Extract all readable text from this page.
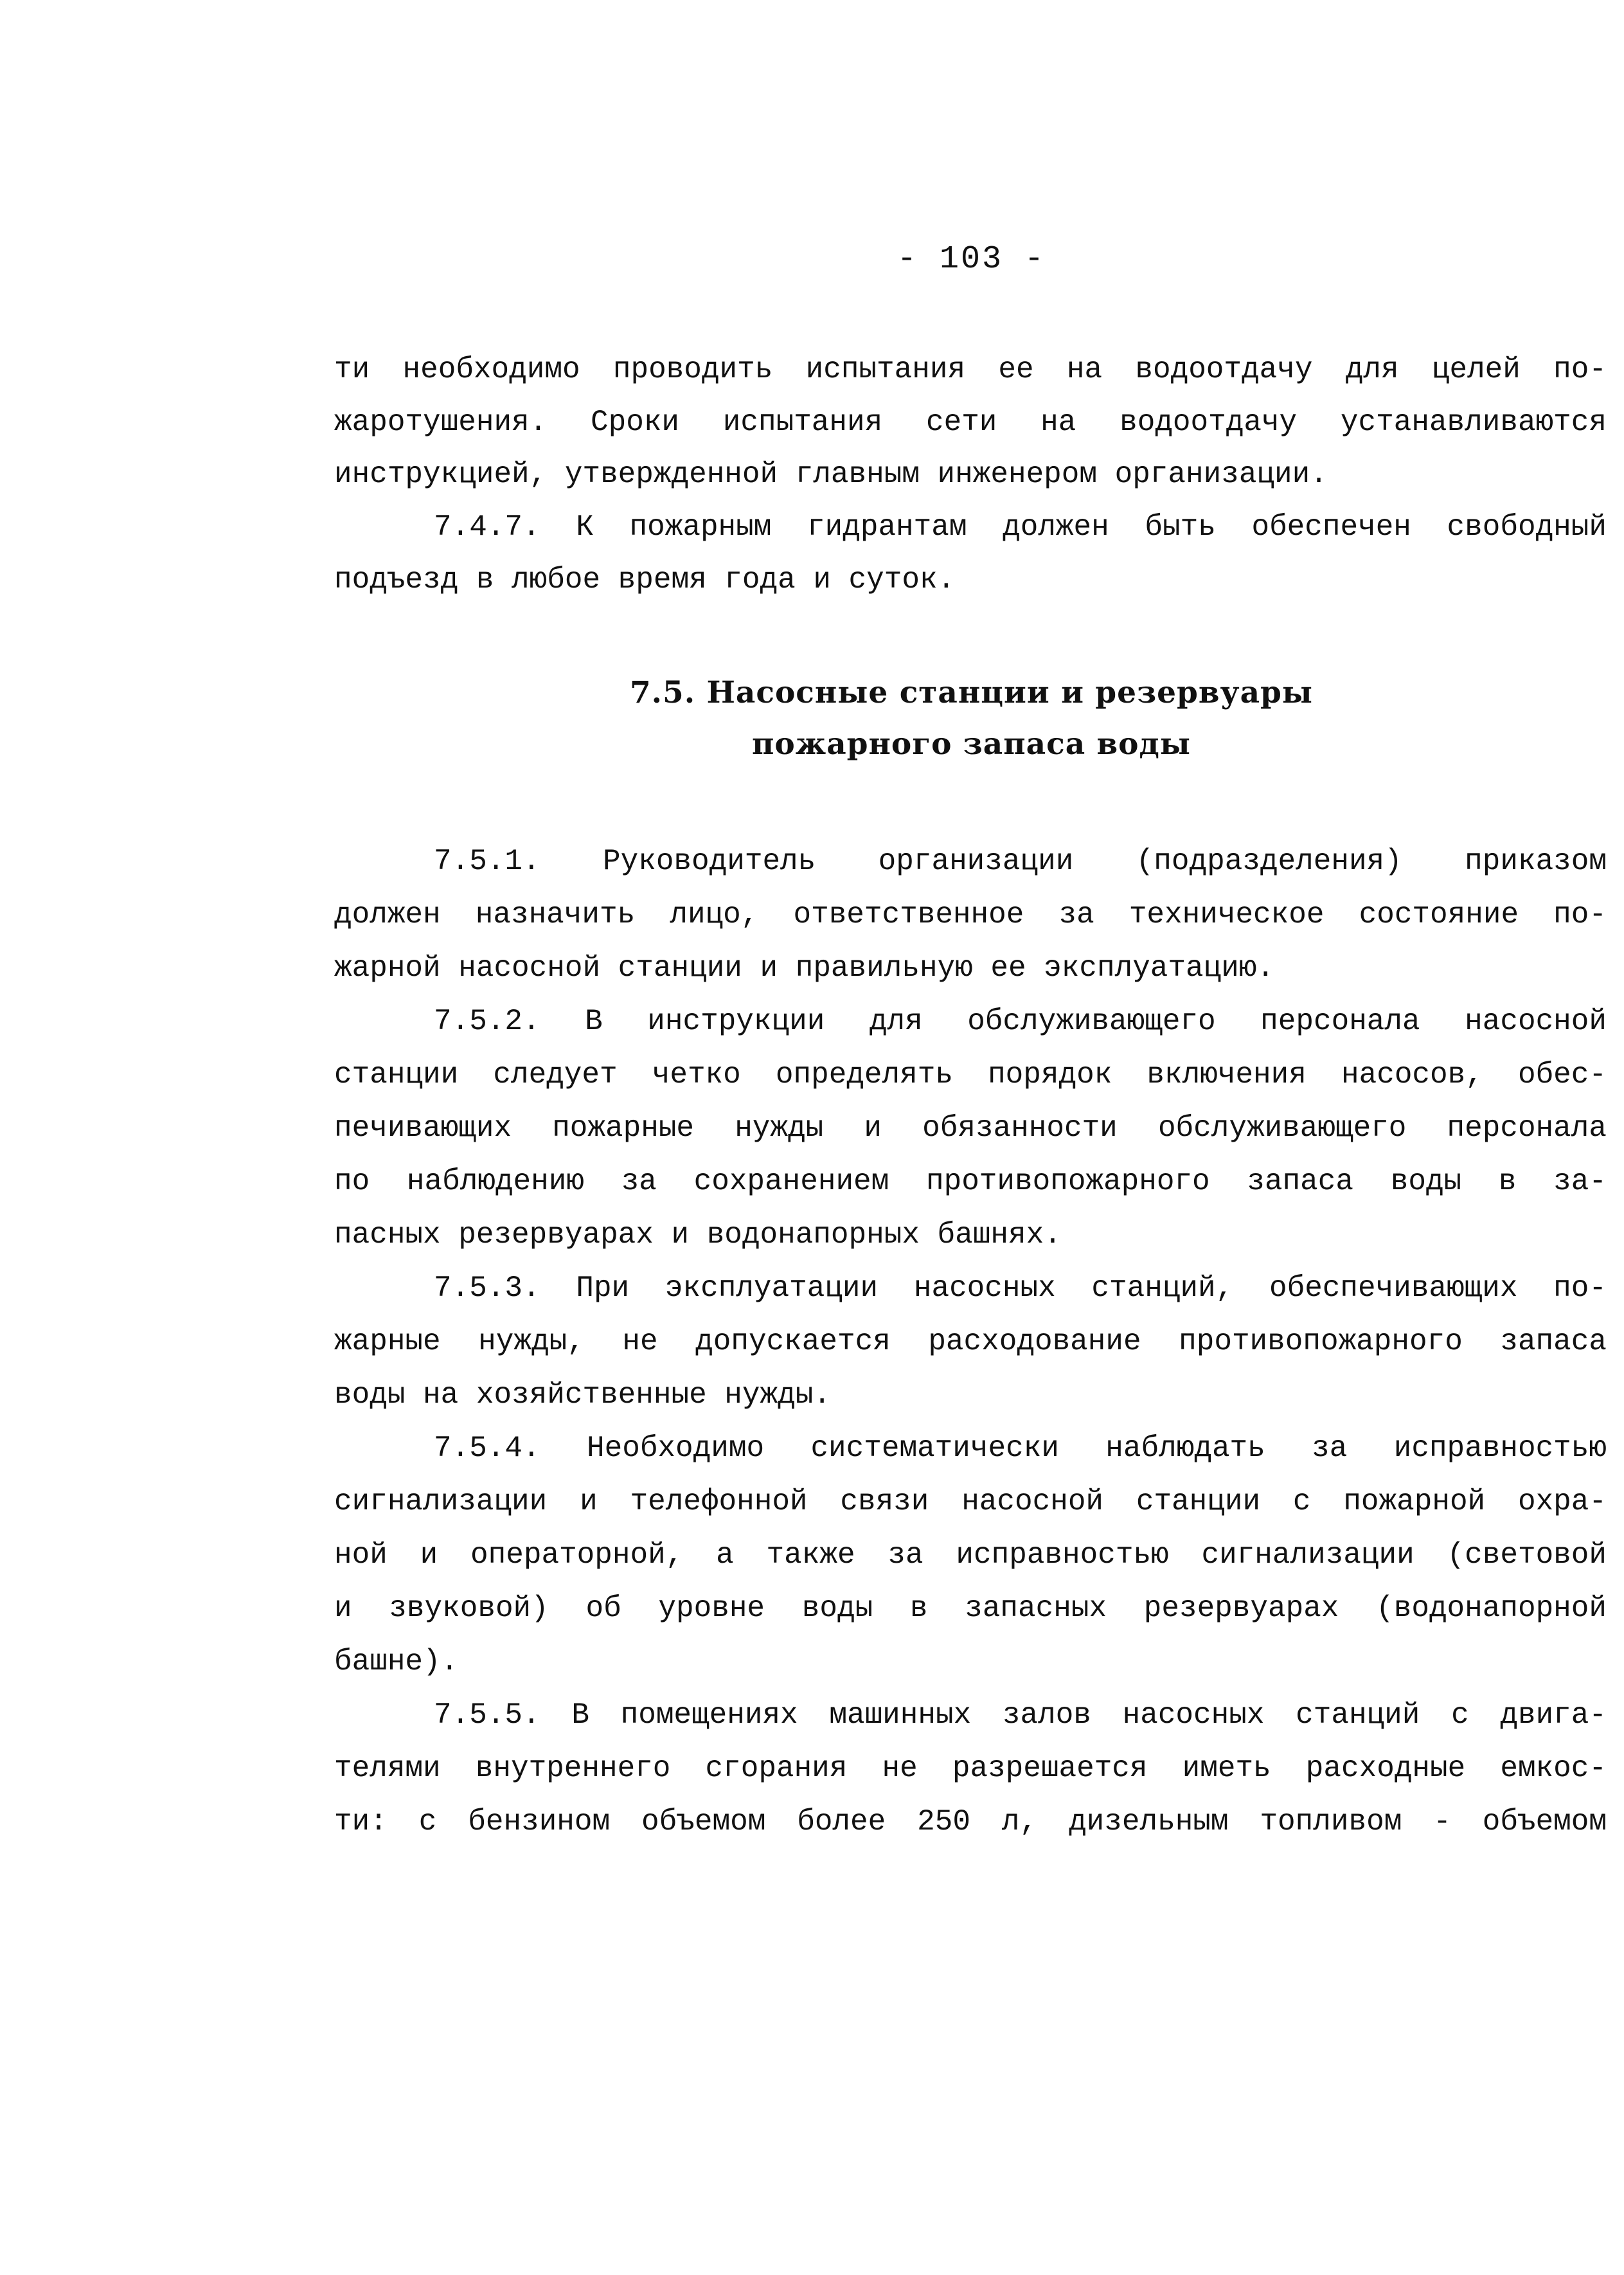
- 103 -
ти необходимо проводить испытания ее на водоотдачу для целей по-
жаротушения. Сроки испытания сети на водоотдачу устанавливаются
инструкцией, утвержденной главным инженером организации.
7.4.7. К пожарным гидрантам должен быть обеспечен свободный
подъезд в любое время года и суток.
7.5. Насосные станции и резервуары
пожарного запаса воды
7.5.1. Руководитель организации (подразделения) приказом
должен назначить лицо, ответственное за техническое состояние по-
жарной насосной станции и правильную ее эксплуатацию.
7.5.2. В инструкции для обслуживающего персонала насосной
станции следует четко определять порядок включения насосов, обес-
печивающих пожарные нужды и обязанности обслуживающего персонала
по наблюдению за сохранением противопожарного запаса воды в за-
пасных резервуарах и водонапорных башнях.
7.5.3. При эксплуатации насосных станций, обеспечивающих по-
жарные нужды, не допускается расходование противопожарного запаса
воды на хозяйственные нужды.
7.5.4. Необходимо систематически наблюдать за исправностью
сигнализации и телефонной связи насосной станции с пожарной охра-
ной и операторной, а также за исправностью сигнализации (световой
и звуковой) об уровне воды в запасных резервуарах (водонапорной
башне).
7.5.5. В помещениях машинных залов насосных станций с двига-
телями внутреннего сгорания не разрешается иметь расходные емкос-
ти: с бензином объемом более 250 л, дизельным топливом - объемом
